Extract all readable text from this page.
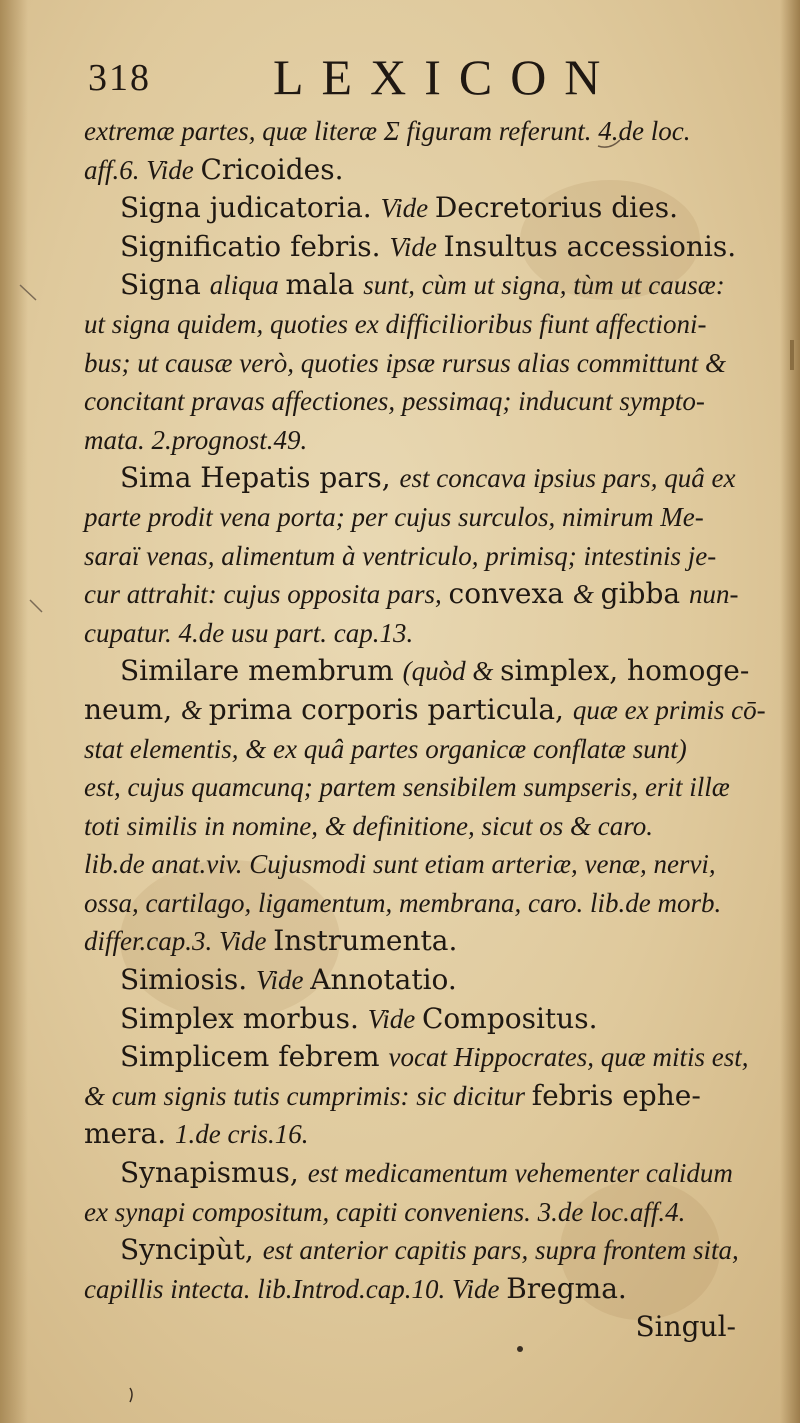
318 LEXICON
extremæ partes, quæ literæ Σ figuram referunt. 4.de loc.
aff.6. Vide Cricoides.
Signa judicatoria. Vide Decretorius dies.
Significatio febris. Vide Insultus accessionis.
Signa aliqua mala sunt, cùm ut signa, tùm ut causæ:
ut signa quidem, quoties ex difficilioribus fiunt affectioni-
bus; ut causæ verò, quoties ipsæ rursus alias committunt &
concitant pravas affectiones, pessimaq; inducunt sympto-
mata. 2.prognost.49.
Sima Hepatis pars, est concava ipsius pars, quâ ex
parte prodit vena porta; per cujus surculos, nimirum Me-
saraï venas, alimentum à ventriculo, primisq; intestinis je-
cur attrahit: cujus opposita pars, convexa & gibba nun-
cupatur. 4.de usu part. cap.13.
Similare membrum (quòd & simplex, homoge-
neum, & prima corporis particula, quæ ex primis cō-
stat elementis, & ex quâ partes organicæ conflatæ sunt)
est, cujus quamcunq; partem sensibilem sumpseris, erit illæ
toti similis in nomine, & definitione, sicut os & caro.
lib.de anat.viv. Cujusmodi sunt etiam arteriæ, venæ, nervi,
ossa, cartilago, ligamentum, membrana, caro. lib.de morb.
differ.cap.3. Vide Instrumenta.
Simiosis. Vide Annotatio.
Simplex morbus. Vide Compositus.
Simplicem febrem vocat Hippocrates, quæ mitis est,
& cum signis tutis cumprimis: sic dicitur febris ephe-
mera. 1.de cris.16.
Synapismus, est medicamentum vehementer calidum
ex synapi compositum, capiti conveniens. 3.de loc.aff.4.
Syncipùt, est anterior capitis pars, supra frontem sita,
capillis intecta. lib.Introd.cap.10. Vide Bregma.
Singul-
